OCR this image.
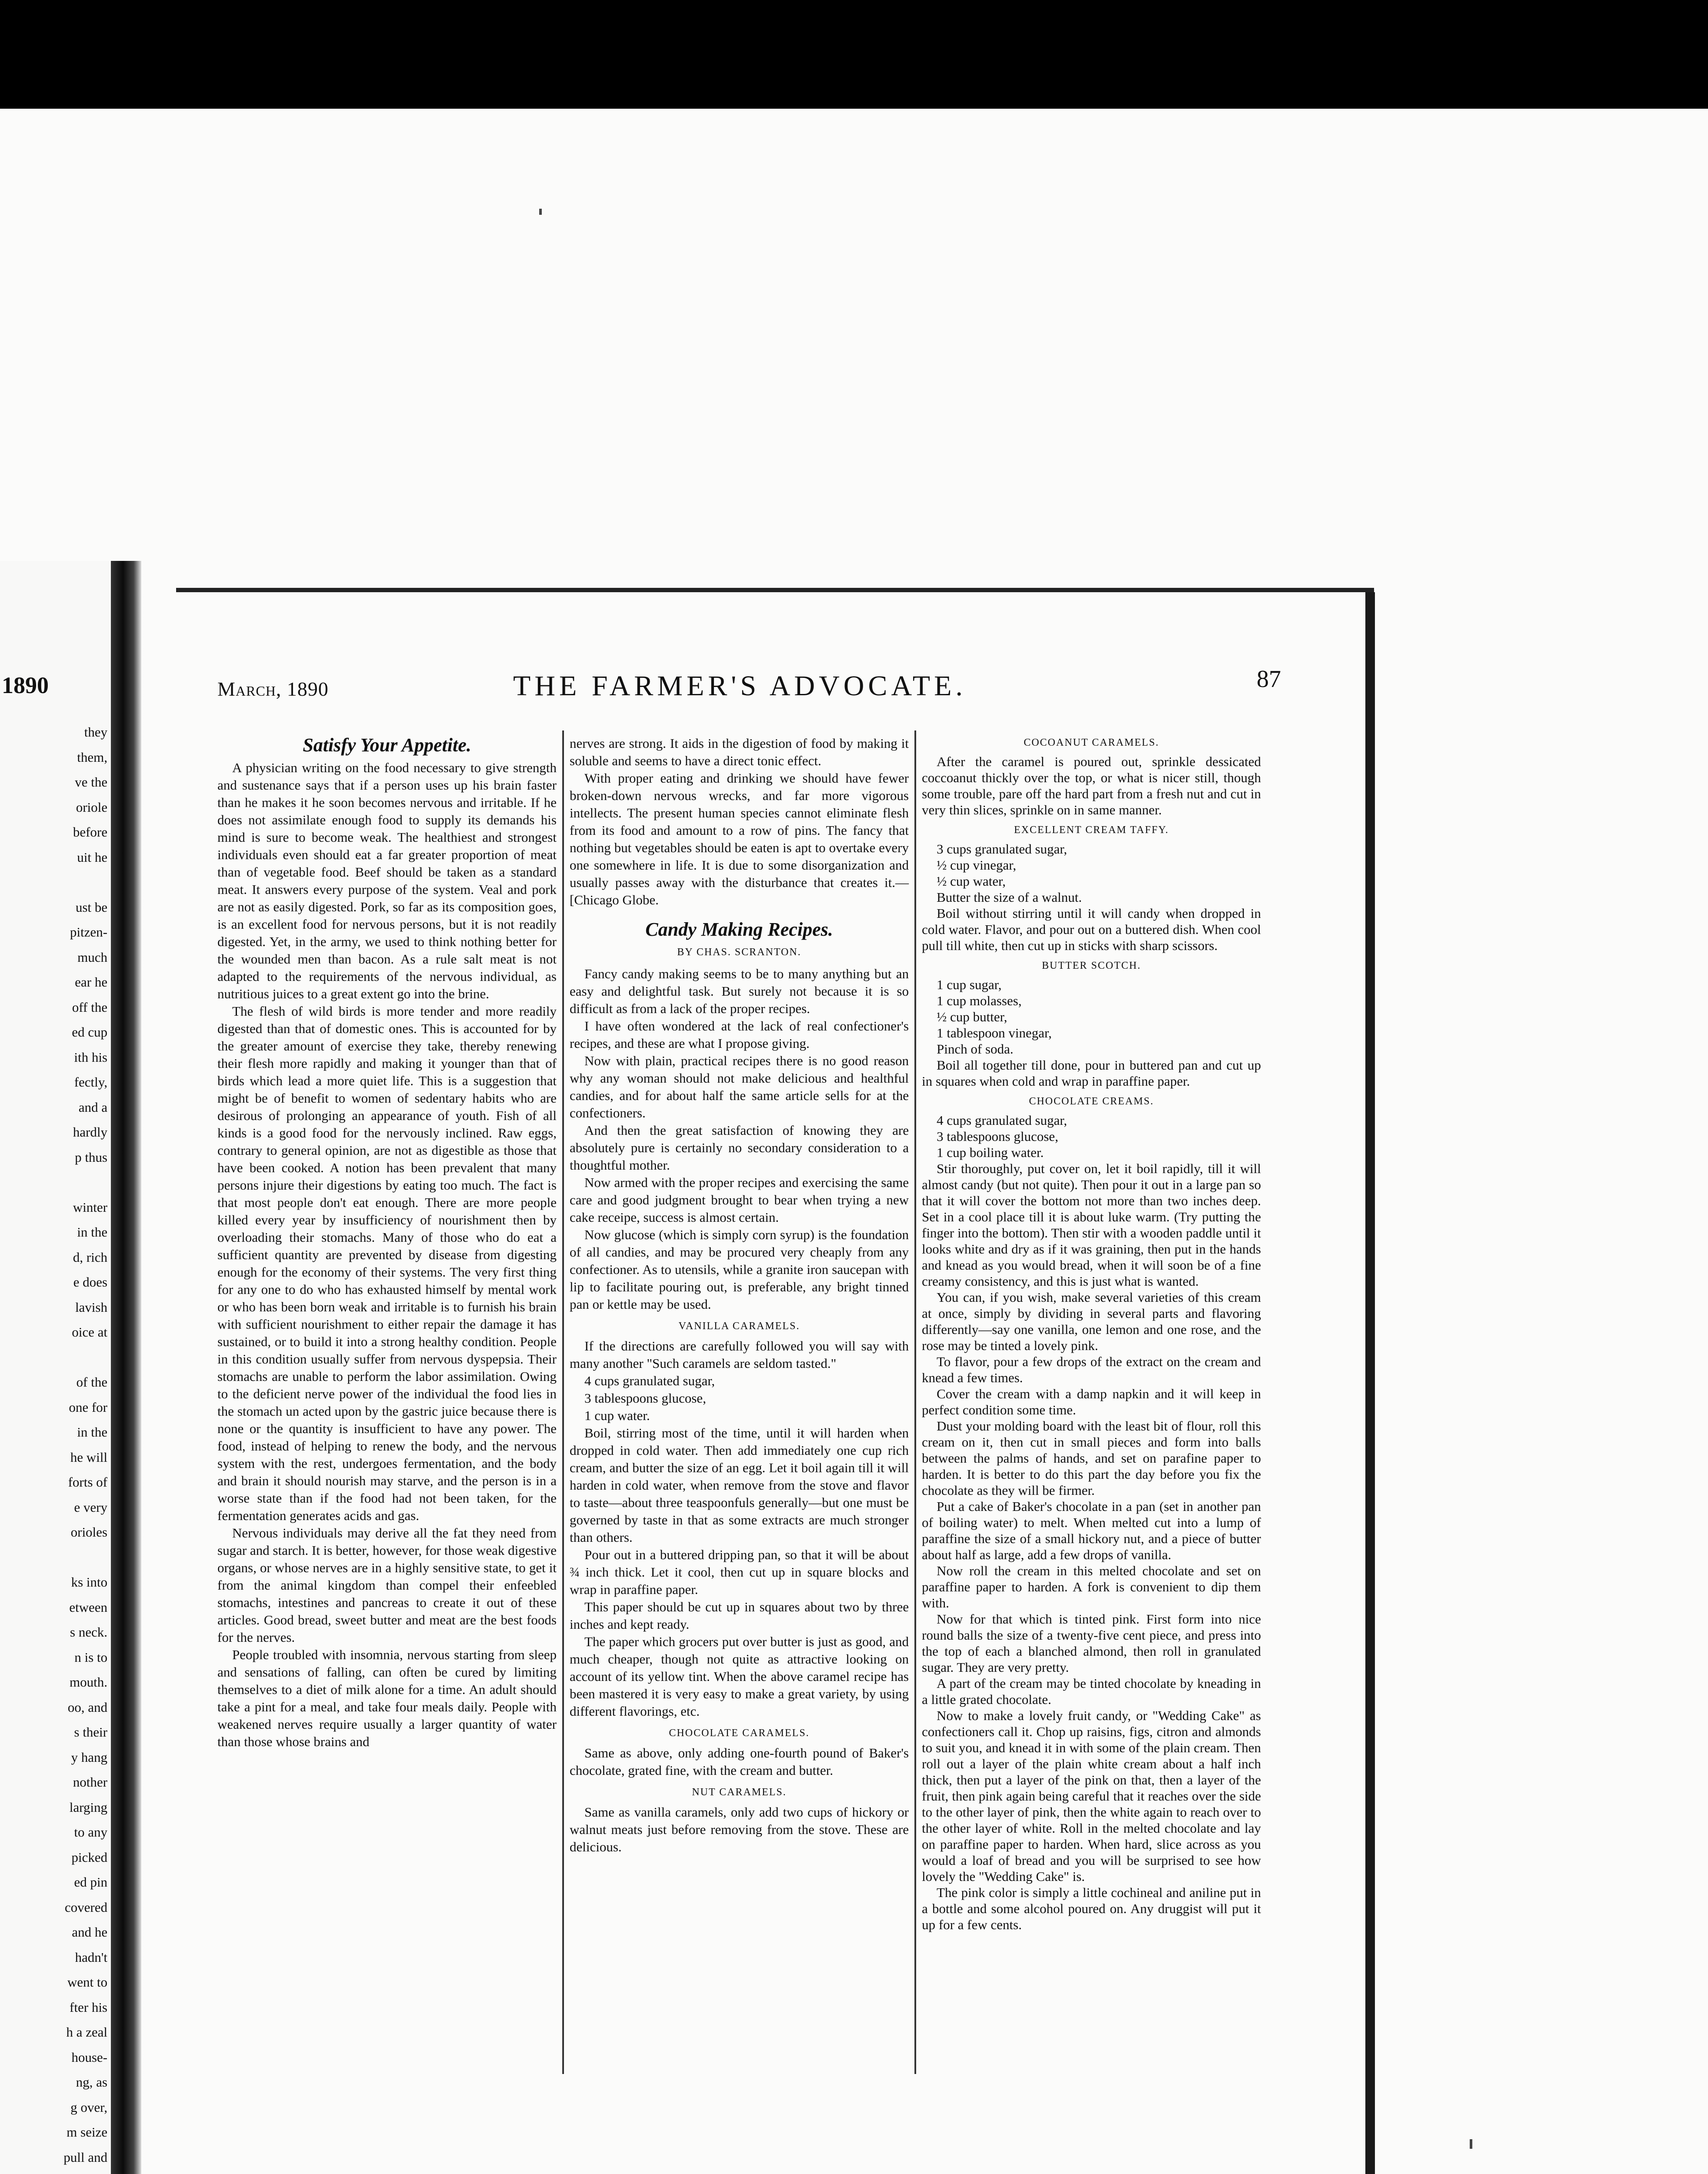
1890
they
them,
ve the
oriole
before
uit he
ust be
pitzen-
much
ear he
off the
ed cup
ith his
fectly,
and a
hardly
p thus
winter
in the
d, rich
e does
lavish
oice at
of the
one for
in the
he will
forts of
e very
orioles
ks into
etween
s neck.
n is to
mouth.
oo, and
s their
y hang
nother
larging
to any
picked
ed pin
covered
and he
hadn't
went to
fter his
h a zeal
house-
ng, as
g over,
m seize
pull and
March, 1890	THE FARMER'S ADVOCATE.	87
Satisfy Your Appetite.

A physician writing on the food necessary to give strength and sustenance says that if a person uses up his brain faster than he makes it he soon becomes nervous and irritable. If he does not assimilate enough food to supply its demands his mind is sure to become weak. The healthiest and strongest individuals even should eat a far greater proportion of meat than of vegetable food. Beef should be taken as a standard meat. It answers every purpose of the system. Veal and pork are not as easily digested. Pork, so far as its composition goes, is an excellent food for nervous persons, but it is not readily digested. Yet, in the army, we used to think nothing better for the wounded men than bacon. As a rule salt meat is not adapted to the requirements of the nervous individual, as nutritious juices to a great extent go into the brine.

The flesh of wild birds is more tender and more readily digested than that of domestic ones. This is accounted for by the greater amount of exercise they take, thereby renewing their flesh more rapidly and making it younger than that of birds which lead a more quiet life. This is a suggestion that might be of benefit to women of sedentary habits who are desirous of prolonging an appearance of youth. Fish of all kinds is a good food for the nervously inclined. Raw eggs, contrary to general opinion, are not as digestible as those that have been cooked. A notion has been prevalent that many persons injure their digestions by eating too much. The fact is that most people don't eat enough. There are more people killed every year by insufficiency of nourishment then by overloading their stomachs. Many of those who do eat a sufficient quantity are prevented by disease from digesting enough for the economy of their systems. The very first thing for any one to do who has exhausted himself by mental work or who has been born weak and irritable is to furnish his brain with sufficient nourishment to either repair the damage it has sustained, or to build it into a strong healthy condition. People in this condition usually suffer from nervous dyspepsia. Their stomachs are unable to perform the labor assimilation. Owing to the deficient nerve power of the individual the food lies in the stomach un acted upon by the gastric juice because there is none or the quantity is insufficient to have any power. The food, instead of helping to renew the body, and the nervous system with the rest, undergoes fermentation, and the body and brain it should nourish may starve, and the person is in a worse state than if the food had not been taken, for the fermentation generates acids and gas.

Nervous individuals may derive all the fat they need from sugar and starch. It is better, however, for those weak digestive organs, or whose nerves are in a highly sensitive state, to get it from the animal kingdom than compel their enfeebled stomachs, intestines and pancreas to create it out of these articles. Good bread, sweet butter and meat are the best foods for the nerves.

People troubled with insomnia, nervous starting from sleep and sensations of falling, can often be cured by limiting themselves to a diet of milk alone for a time. An adult should take a pint for a meal, and take four meals daily. People with weakened nerves require usually a larger quantity of water than those whose brains and

nerves are strong. It aids in the digestion of food by making it soluble and seems to have a direct tonic effect.

With proper eating and drinking we should have fewer broken-down nervous wrecks, and far more vigorous intellects. The present human species cannot eliminate flesh from its food and amount to a row of pins. The fancy that nothing but vegetables should be eaten is apt to overtake every one somewhere in life. It is due to some disorganization and usually passes away with the disturbance that creates it.—[Chicago Globe.

Candy Making Recipes.
BY CHAS. SCRANTON.

Fancy candy making seems to be to many anything but an easy and delightful task. But surely not because it is so difficult as from a lack of the proper recipes.

I have often wondered at the lack of real confectioner's recipes, and these are what I propose giving.

Now with plain, practical recipes there is no good reason why any woman should not make delicious and healthful candies, and for about half the same article sells for at the confectioners.

And then the great satisfaction of knowing they are absolutely pure is certainly no secondary consideration to a thoughtful mother.

Now armed with the proper recipes and exercising the same care and good judgment brought to bear when trying a new cake receipe, success is almost certain.

Now glucose (which is simply corn syrup) is the foundation of all candies, and may be procured very cheaply from any confectioner. As to utensils, while a granite iron saucepan with lip to facilitate pouring out, is preferable, any bright tinned pan or kettle may be used.

VANILLA CARAMELS.

If the directions are carefully followed you will say with many another "Such caramels are seldom tasted."

4 cups granulated sugar,

3 tablespoons glucose,

1 cup water.

Boil, stirring most of the time, until it will harden when dropped in cold water. Then add immediately one cup rich cream, and butter the size of an egg. Let it boil again till it will harden in cold water, when remove from the stove and flavor to taste—about three teaspoonfuls generally—but one must be governed by taste in that as some extracts are much stronger than others.

Pour out in a buttered dripping pan, so that it will be about ¾ inch thick. Let it cool, then cut up in square blocks and wrap in paraffine paper.

This paper should be cut up in squares about two by three inches and kept ready.

The paper which grocers put over butter is just as good, and much cheaper, though not quite as attractive looking on account of its yellow tint. When the above caramel recipe has been mastered it is very easy to make a great variety, by using different flavorings, etc.

CHOCOLATE CARAMELS.

Same as above, only adding one-fourth pound of Baker's chocolate, grated fine, with the cream and butter.

NUT CARAMELS.

Same as vanilla caramels, only add two cups of hickory or walnut meats just before removing from the stove. These are delicious.

COCOANUT CARAMELS.

After the caramel is poured out, sprinkle dessicated coccoanut thickly over the top, or what is nicer still, though some trouble, pare off the hard part from a fresh nut and cut in very thin slices, sprinkle on in same manner.

EXCELLENT CREAM TAFFY.

3 cups granulated sugar,

½ cup vinegar,

½ cup water,

Butter the size of a walnut.

Boil without stirring until it will candy when dropped in cold water. Flavor, and pour out on a buttered dish. When cool pull till white, then cut up in sticks with sharp scissors.

BUTTER SCOTCH.

1 cup sugar,

1 cup molasses,

½ cup butter,

1 tablespoon vinegar,

Pinch of soda.

Boil all together till done, pour in buttered pan and cut up in squares when cold and wrap in paraffine paper.

CHOCOLATE CREAMS.

4 cups granulated sugar,

3 tablespoons glucose,

1 cup boiling water.

Stir thoroughly, put cover on, let it boil rapidly, till it will almost candy (but not quite). Then pour it out in a large pan so that it will cover the bottom not more than two inches deep. Set in a cool place till it is about luke warm. (Try putting the finger into the bottom). Then stir with a wooden paddle until it looks white and dry as if it was graining, then put in the hands and knead as you would bread, when it will soon be of a fine creamy consistency, and this is just what is wanted.

You can, if you wish, make several varieties of this cream at once, simply by dividing in several parts and flavoring differently—say one vanilla, one lemon and one rose, and the rose may be tinted a lovely pink.

To flavor, pour a few drops of the extract on the cream and knead a few times.

Cover the cream with a damp napkin and it will keep in perfect condition some time.

Dust your molding board with the least bit of flour, roll this cream on it, then cut in small pieces and form into balls between the palms of hands, and set on parafine paper to harden. It is better to do this part the day before you fix the chocolate as they will be firmer.

Put a cake of Baker's chocolate in a pan (set in another pan of boiling water) to melt. When melted cut into a lump of paraffine the size of a small hickory nut, and a piece of butter about half as large, add a few drops of vanilla.

Now roll the cream in this melted chocolate and set on paraffine paper to harden. A fork is convenient to dip them with.

Now for that which is tinted pink. First form into nice round balls the size of a twenty-five cent piece, and press into the top of each a blanched almond, then roll in granulated sugar. They are very pretty.

A part of the cream may be tinted chocolate by kneading in a little grated chocolate.

Now to make a lovely fruit candy, or "Wedding Cake" as confectioners call it. Chop up raisins, figs, citron and almonds to suit you, and knead it in with some of the plain cream. Then roll out a layer of the plain white cream about a half inch thick, then put a layer of the pink on that, then a layer of the fruit, then pink again being careful that it reaches over the side to the other layer of pink, then the white again to reach over to the other layer of white. Roll in the melted chocolate and lay on paraffine paper to harden. When hard, slice across as you would a loaf of bread and you will be surprised to see how lovely the "Wedding Cake" is.

The pink color is simply a little cochineal and aniline put in a bottle and some alcohol poured on. Any druggist will put it up for a few cents.
